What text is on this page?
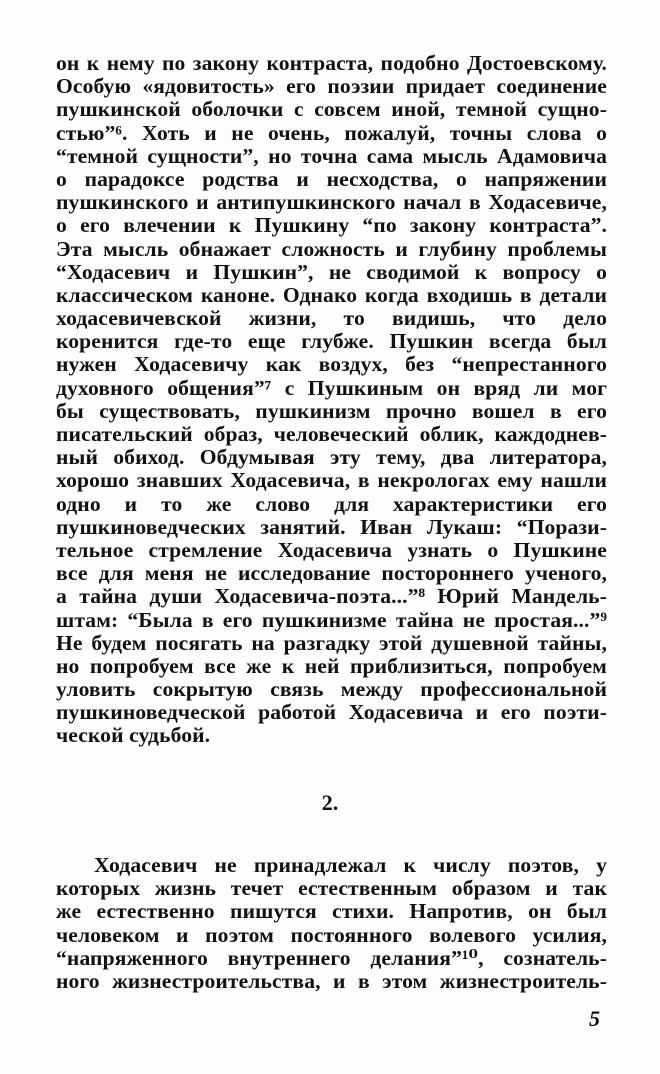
он к нему по закону контраста, подобно Достоевскому.
Особую «ядовитость» его поэзии придает соединение
пушкинской оболочки с совсем иной, темной сущно-
стью”⁶. Хоть и не очень, пожалуй, точны слова о
“темной сущности”, но точна сама мысль Адамовича
о парадоксе родства и несходства, о напряжении
пушкинского и антипушкинского начал в Ходасевиче,
о его влечении к Пушкину “по закону контраста”.
Эта мысль обнажает сложность и глубину проблемы
“Ходасевич и Пушкин”, не сводимой к вопросу о
классическом каноне. Однако когда входишь в детали
ходасевичевской жизни, то видишь, что дело
коренится где-то еще глубже. Пушкин всегда был
нужен Ходасевичу как воздух, без “непрестанного
духовного общения”⁷ с Пушкиным он вряд ли мог
бы существовать, пушкинизм прочно вошел в его
писательский образ, человеческий облик, каждоднев-
ный обиход. Обдумывая эту тему, два литератора,
хорошо знавших Ходасевича, в некрологах ему нашли
одно и то же слово для характеристики его
пушкиноведческих занятий. Иван Лукаш: “Порази-
тельное стремление Ходасевича узнать о Пушкине
все для меня не исследование постороннего ученого,
а тайна души Ходасевича-поэта...”⁸ Юрий Мандель-
штам: “Была в его пушкинизме тайна не простая...”⁹
Не будем посягать на разгадку этой душевной тайны,
но попробуем все же к ней приблизиться, попробуем
уловить сокрытую связь между профессиональной
пушкиноведческой работой Ходасевича и его поэти-
ческой судьбой.
2.
Ходасевич не принадлежал к числу поэтов, у
которых жизнь течет естественным образом и так
же естественно пишутся стихи. Напротив, он был
человеком и поэтом постоянного волевого усилия,
“напряженного внутреннего делания”¹⁰, сознатель-
ного жизнестроительства, и в этом жизнестроитель-
5
